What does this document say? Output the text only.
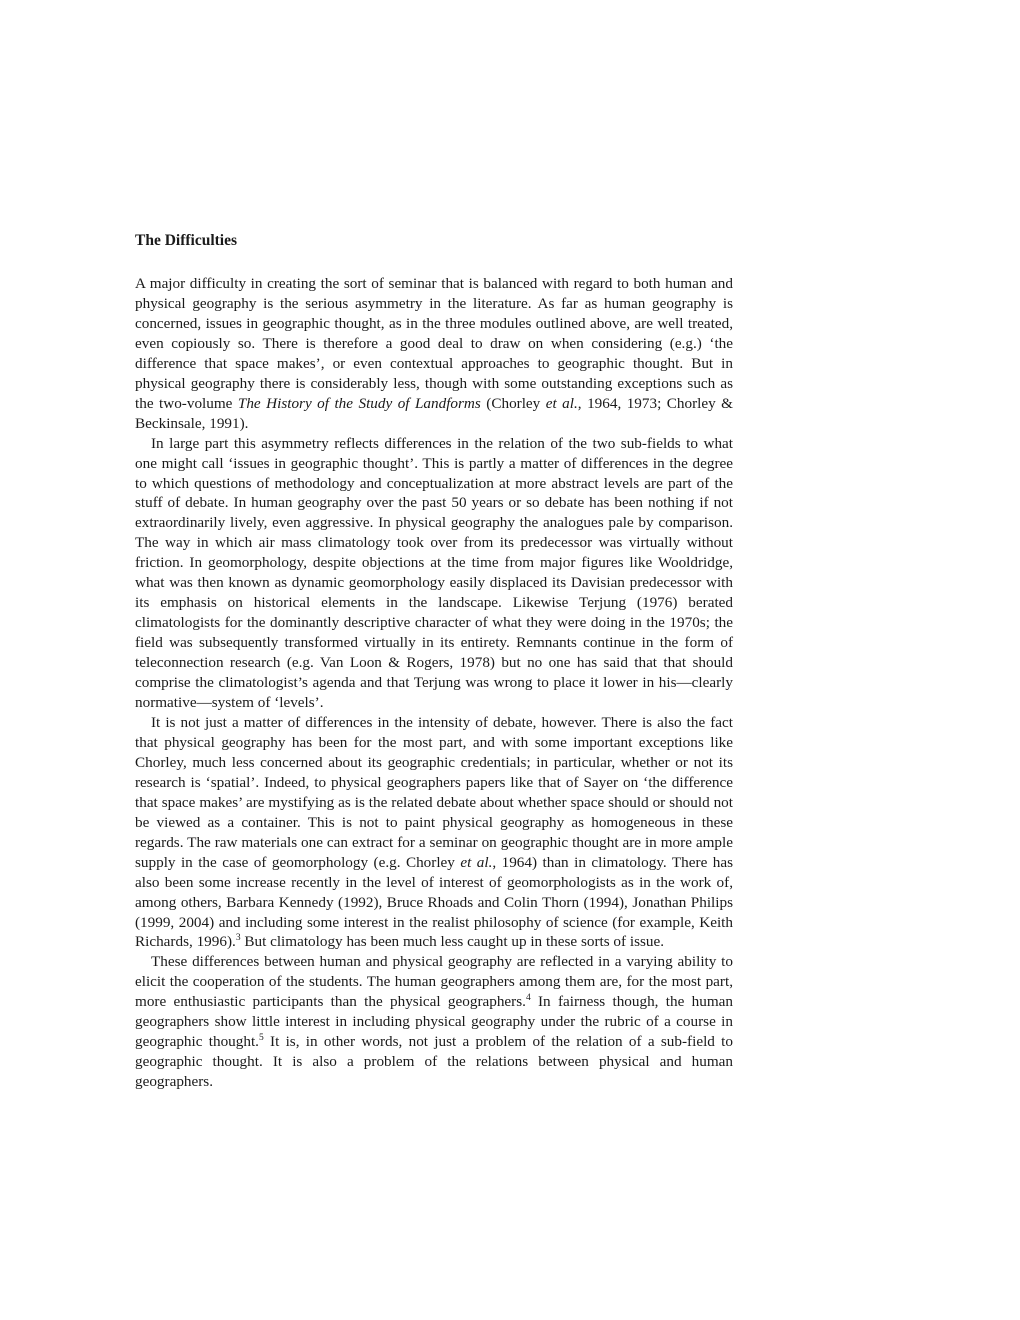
The Difficulties

A major difficulty in creating the sort of seminar that is balanced with regard to both human and physical geography is the serious asymmetry in the literature. As far as human geography is concerned, issues in geographic thought, as in the three modules outlined above, are well treated, even copiously so. There is therefore a good deal to draw on when considering (e.g.) ‘the difference that space makes’, or even contextual approaches to geographic thought. But in physical geography there is considerably less, though with some outstanding exceptions such as the two-volume The History of the Study of Landforms (Chorley et al., 1964, 1973; Chorley & Beckinsale, 1991).

In large part this asymmetry reflects differences in the relation of the two sub-fields to what one might call ‘issues in geographic thought’. This is partly a matter of differences in the degree to which questions of methodology and conceptualization at more abstract levels are part of the stuff of debate. In human geography over the past 50 years or so debate has been nothing if not extraordinarily lively, even aggressive. In physical geography the analogues pale by comparison. The way in which air mass climatology took over from its predecessor was virtually without friction. In geomorphology, despite objections at the time from major figures like Wooldridge, what was then known as dynamic geomorphology easily displaced its Davisian predecessor with its emphasis on historical elements in the landscape. Likewise Terjung (1976) berated climatologists for the dominantly descriptive character of what they were doing in the 1970s; the field was subsequently transformed virtually in its entirety. Remnants continue in the form of teleconnection research (e.g. Van Loon & Rogers, 1978) but no one has said that that should comprise the climatologist’s agenda and that Terjung was wrong to place it lower in his—clearly normative—system of ‘levels’.

It is not just a matter of differences in the intensity of debate, however. There is also the fact that physical geography has been for the most part, and with some important exceptions like Chorley, much less concerned about its geographic credentials; in particular, whether or not its research is ‘spatial’. Indeed, to physical geographers papers like that of Sayer on ‘the difference that space makes’ are mystifying as is the related debate about whether space should or should not be viewed as a container. This is not to paint physical geography as homogeneous in these regards. The raw materials one can extract for a seminar on geographic thought are in more ample supply in the case of geomorphology (e.g. Chorley et al., 1964) than in climatology. There has also been some increase recently in the level of interest of geomorphologists as in the work of, among others, Barbara Kennedy (1992), Bruce Rhoads and Colin Thorn (1994), Jonathan Philips (1999, 2004) and including some interest in the realist philosophy of science (for example, Keith Richards, 1996).$^3$ But climatology has been much less caught up in these sorts of issue.

These differences between human and physical geography are reflected in a varying ability to elicit the cooperation of the students. The human geographers among them are, for the most part, more enthusiastic participants than the physical geographers.$^4$ In fairness though, the human geographers show little interest in including physical geography under the rubric of a course in geographic thought.$^5$ It is, in other words, not just a problem of the relation of a sub-field to geographic thought. It is also a problem of the relations between physical and human geographers.
